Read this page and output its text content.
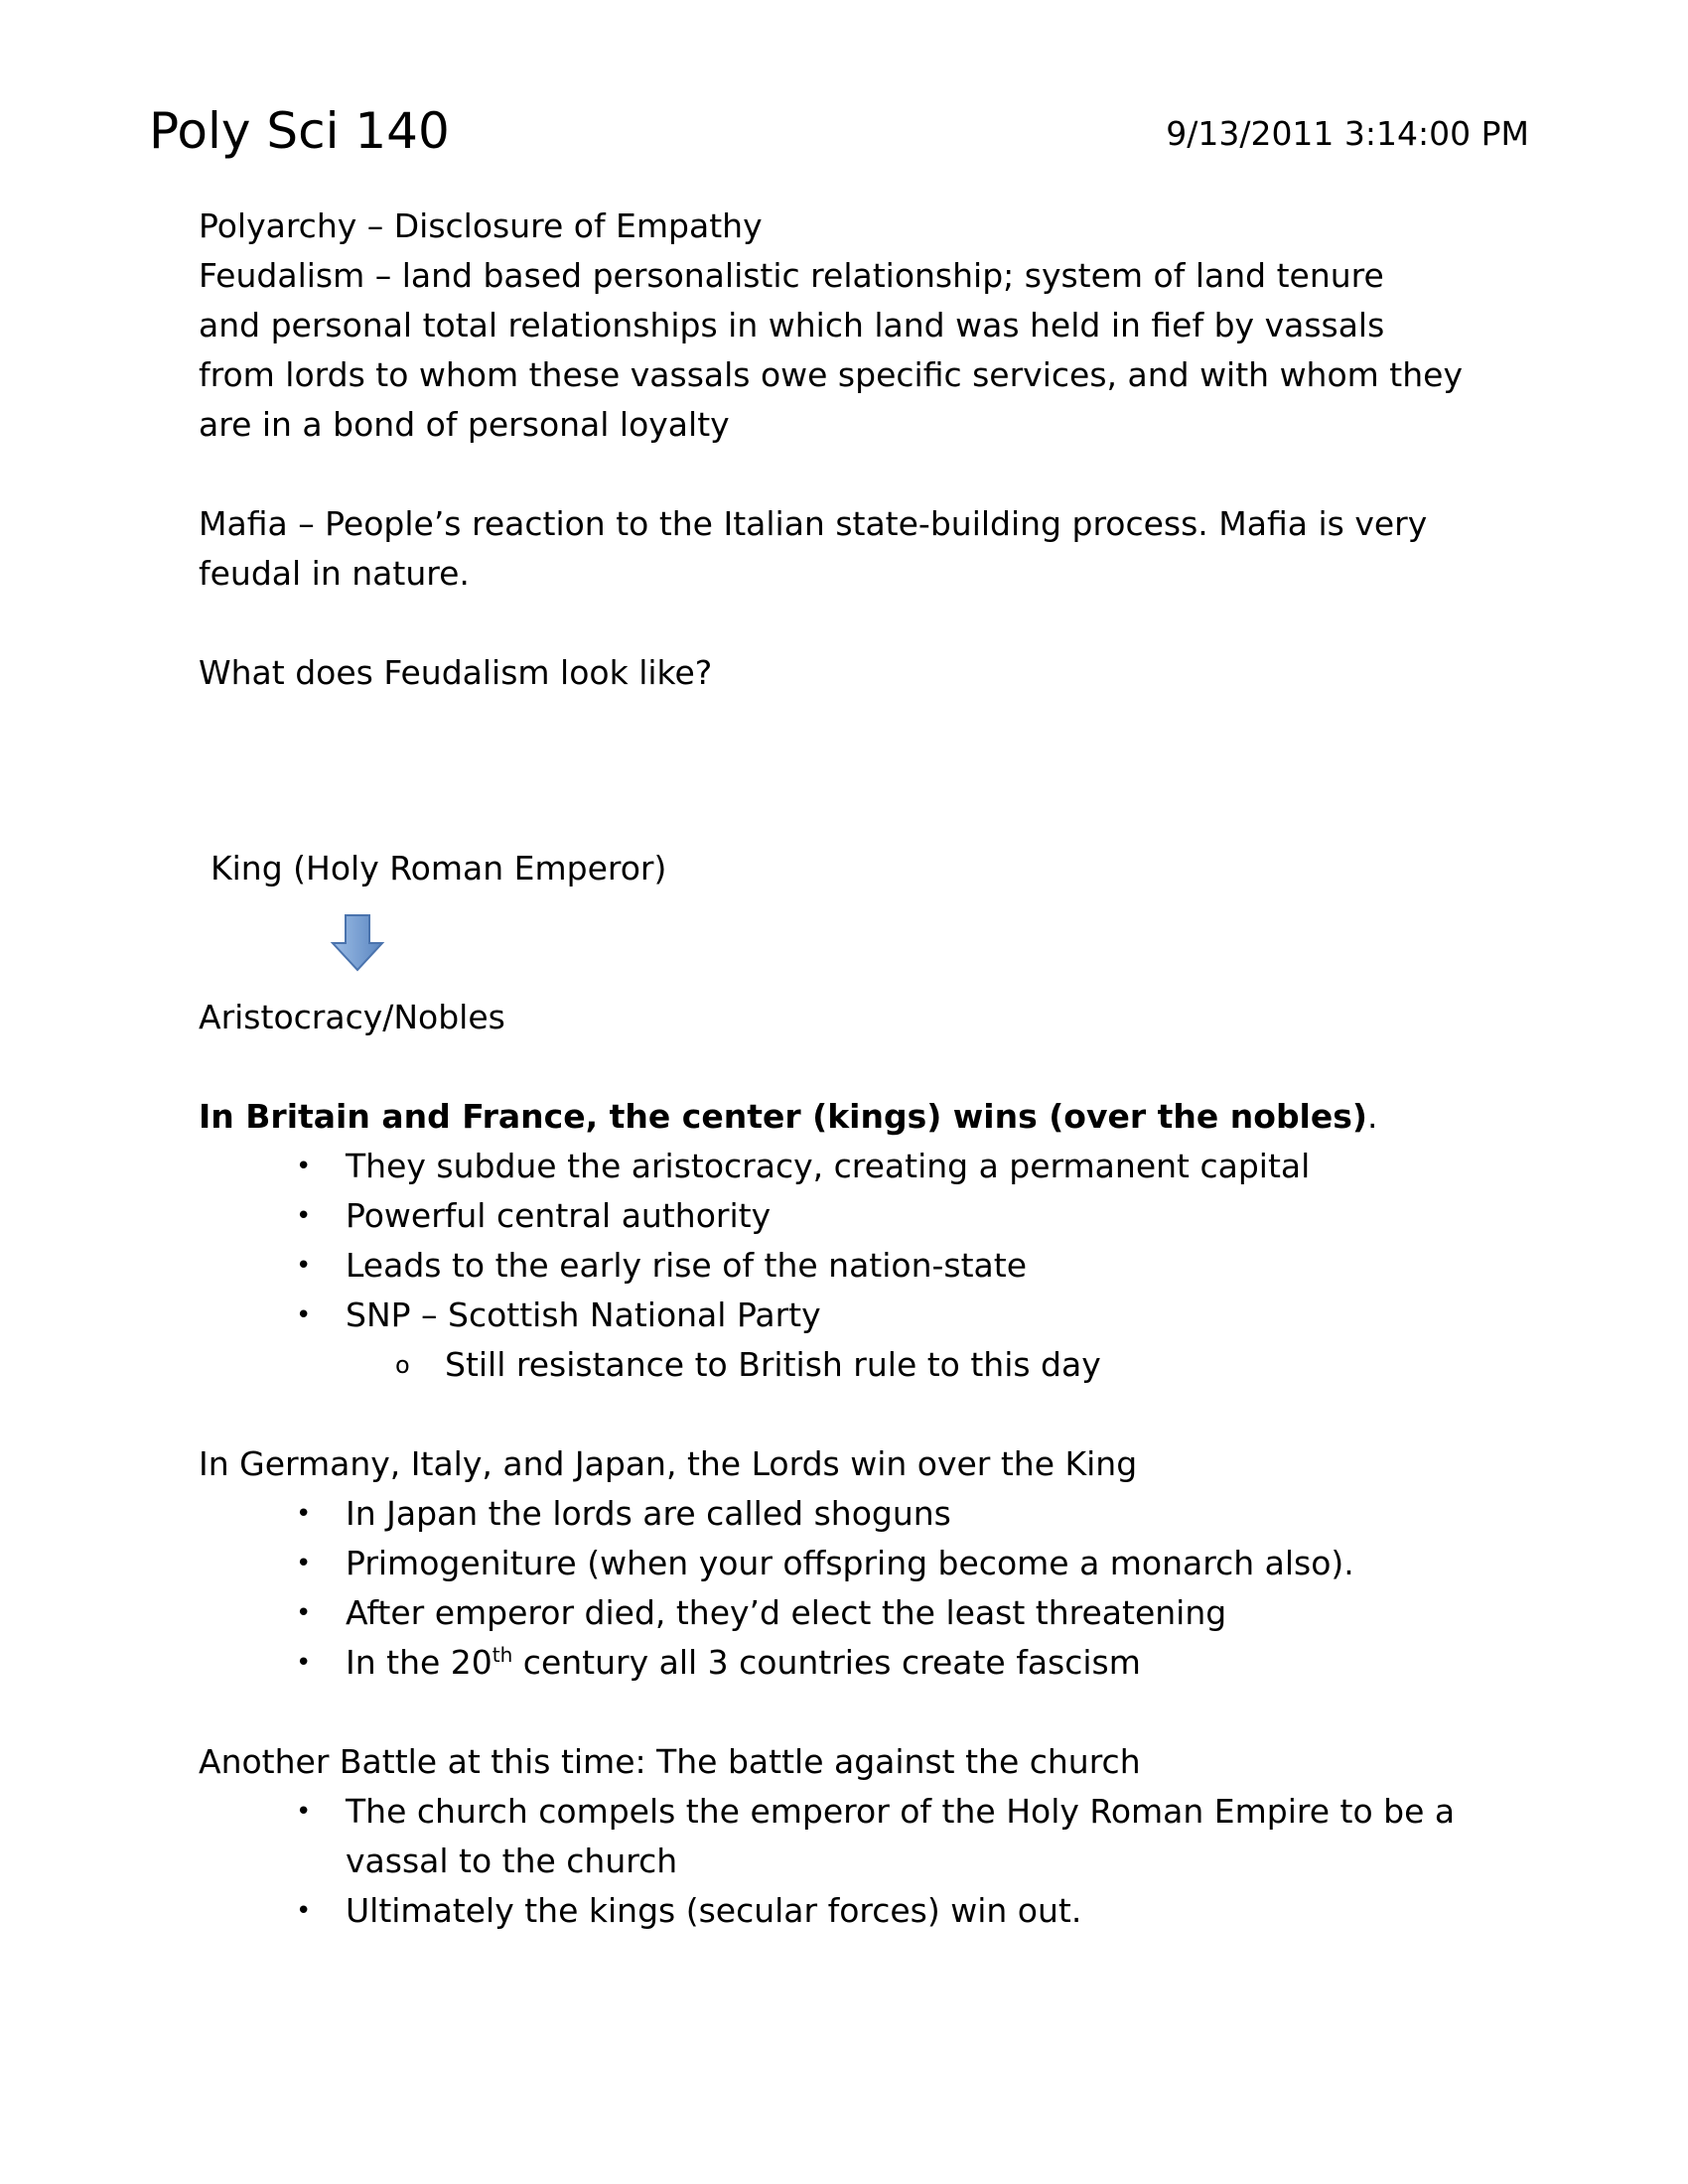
Poly Sci 140	9/13/2011 3:14:00 PM

Polyarchy – Disclosure of Empathy

Feudalism – land based personalistic relationship; system of land tenure

and personal total relationships in which land was held in fief by vassals

from lords to whom these vassals owe specific services, and with whom they

are in a bond of personal loyalty

Mafia – People’s reaction to the Italian state-building process. Mafia is very

feudal in nature.

What does Feudalism look like?

King (Holy Roman Emperor)

Aristocracy/Nobles

In Britain and France, the center (kings) wins (over the nobles).

• They subdue the aristocracy, creating a permanent capital
• Powerful central authority
• Leads to the early rise of the nation-state
• SNP – Scottish National Party
o Still resistance to British rule to this day

In Germany, Italy, and Japan, the Lords win over the King

• In Japan the lords are called shoguns
• Primogeniture (when your offspring become a monarch also).
• After emperor died, they’d elect the least threatening
• In the 20th century all 3 countries create fascism

Another Battle at this time: The battle against the church

• The church compels the emperor of the Holy Roman Empire to be a vassal to the church
• Ultimately the kings (secular forces) win out.
